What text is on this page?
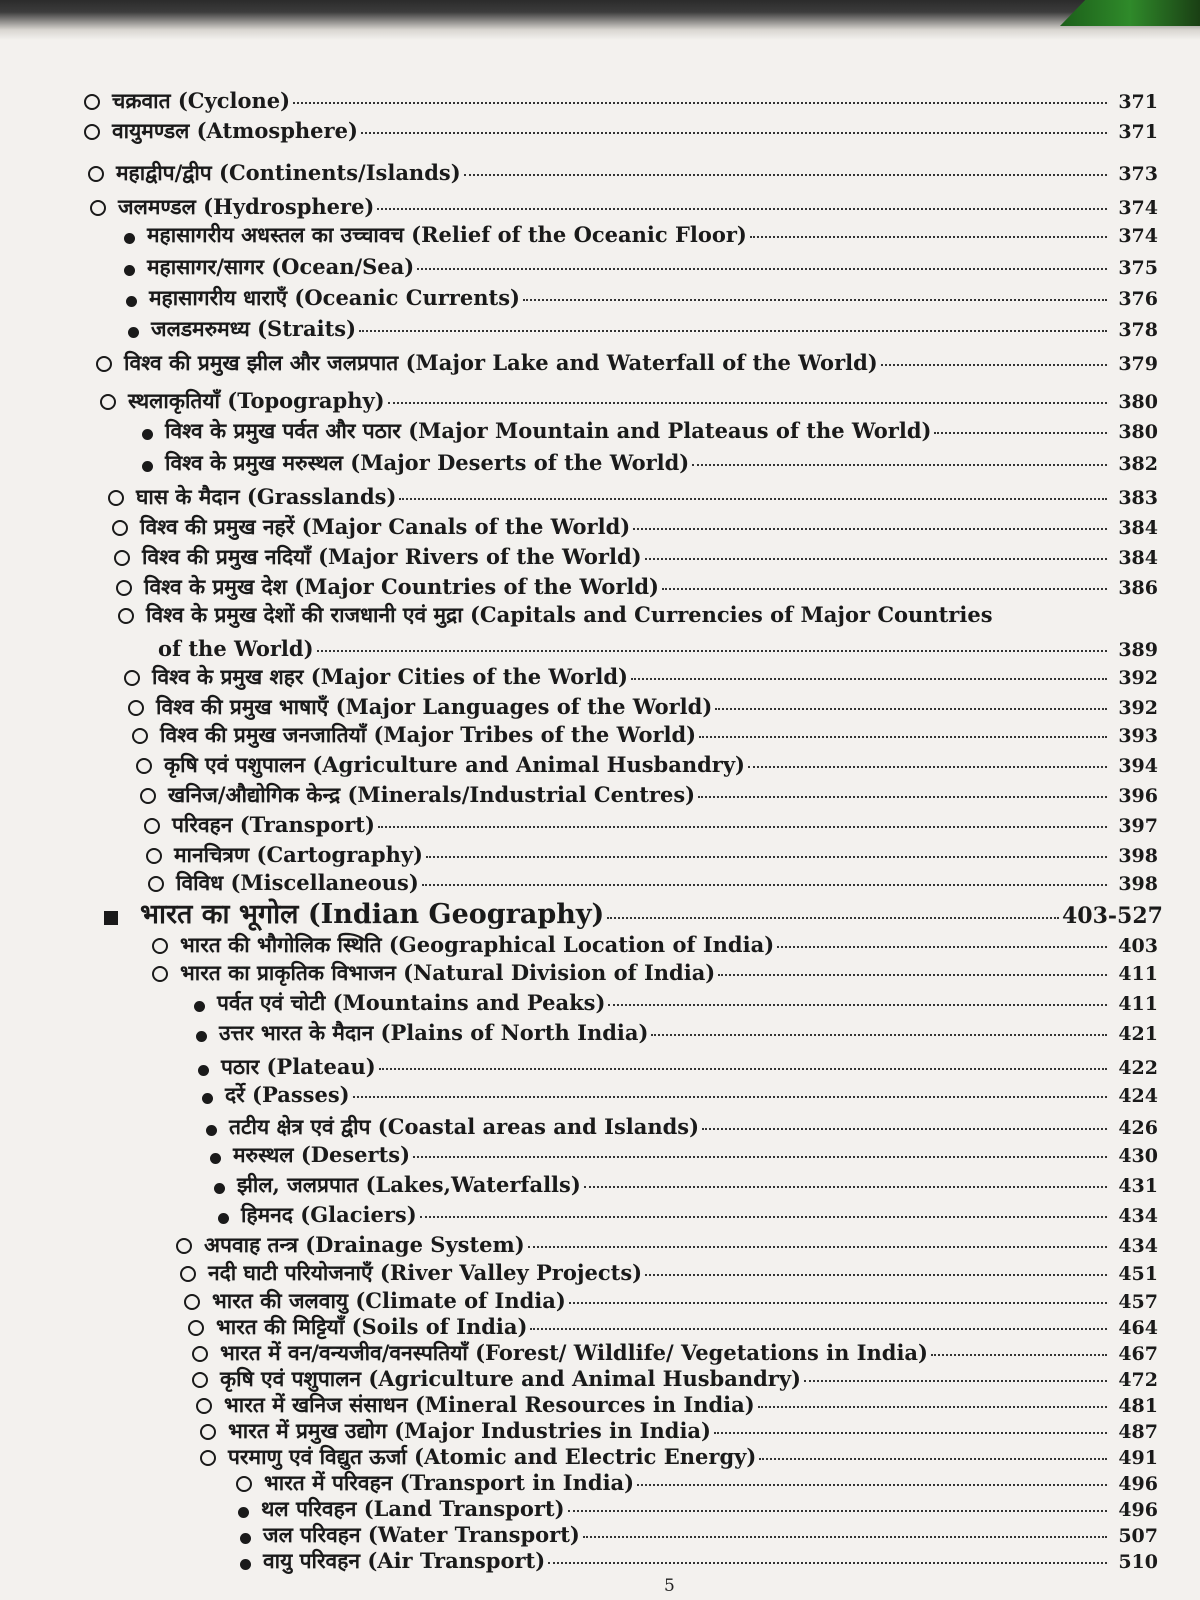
चक्रवात (Cyclone)	371
वायुमण्डल (Atmosphere)	371
महाद्वीप/द्वीप (Continents/Islands)	373
जलमण्डल (Hydrosphere)	374
महासागरीय अधस्तल का उच्चावच (Relief of the Oceanic Floor)	374
महासागर/सागर (Ocean/Sea)	375
महासागरीय धाराएँ (Oceanic Currents)	376
जलडमरुमध्य (Straits)	378
विश्व की प्रमुख झील और जलप्रपात (Major Lake and Waterfall of the World)	379
स्थलाकृतियाँ (Topography)	380
विश्व के प्रमुख पर्वत और पठार (Major Mountain and Plateaus of the World)	380
विश्व के प्रमुख मरुस्थल (Major Deserts of the World)	382
घास के मैदान (Grasslands)	383
विश्व की प्रमुख नहरें (Major Canals of the World)	384
विश्व की प्रमुख नदियाँ (Major Rivers of the World)	384
विश्व के प्रमुख देश (Major Countries of the World)	386
विश्व के प्रमुख देशों की राजधानी एवं मुद्रा (Capitals and Currencies of Major Countries
of the World)	389
विश्व के प्रमुख शहर (Major Cities of the World)	392
विश्व की प्रमुख भाषाएँ (Major Languages of the World)	392
विश्व की प्रमुख जनजातियाँ (Major Tribes of the World)	393
कृषि एवं पशुपालन (Agriculture and Animal Husbandry)	394
खनिज/औद्योगिक केन्द्र (Minerals/Industrial Centres)	396
परिवहन (Transport)	397
मानचित्रण (Cartography)	398
विविध (Miscellaneous)	398
भारत का भूगोल (Indian Geography)	403-527
भारत की भौगोलिक स्थिति (Geographical Location of India)	403
भारत का प्राकृतिक विभाजन (Natural Division of India)	411
पर्वत एवं चोटी (Mountains and Peaks)	411
उत्तर भारत के मैदान (Plains of North India)	421
पठार (Plateau)	422
दर्रे (Passes)	424
तटीय क्षेत्र एवं द्वीप (Coastal areas and Islands)	426
मरुस्थल (Deserts)	430
झील, जलप्रपात (Lakes,Waterfalls)	431
हिमनद (Glaciers)	434
अपवाह तन्त्र (Drainage System)	434
नदी घाटी परियोजनाएँ (River Valley Projects)	451
भारत की जलवायु (Climate of India)	457
भारत की मिट्टियाँ (Soils of India)	464
भारत में वन/वन्यजीव/वनस्पतियाँ (Forest/ Wildlife/ Vegetations in India)	467
कृषि एवं पशुपालन (Agriculture and Animal Husbandry)	472
भारत में खनिज संसाधन (Mineral Resources in India)	481
भारत में प्रमुख उद्योग (Major Industries in India)	487
परमाणु एवं विद्युत ऊर्जा (Atomic and Electric Energy)	491
भारत में परिवहन (Transport in India)	496
थल परिवहन (Land Transport)	496
जल परिवहन (Water Transport)	507
वायु परिवहन (Air Transport)	510
5
